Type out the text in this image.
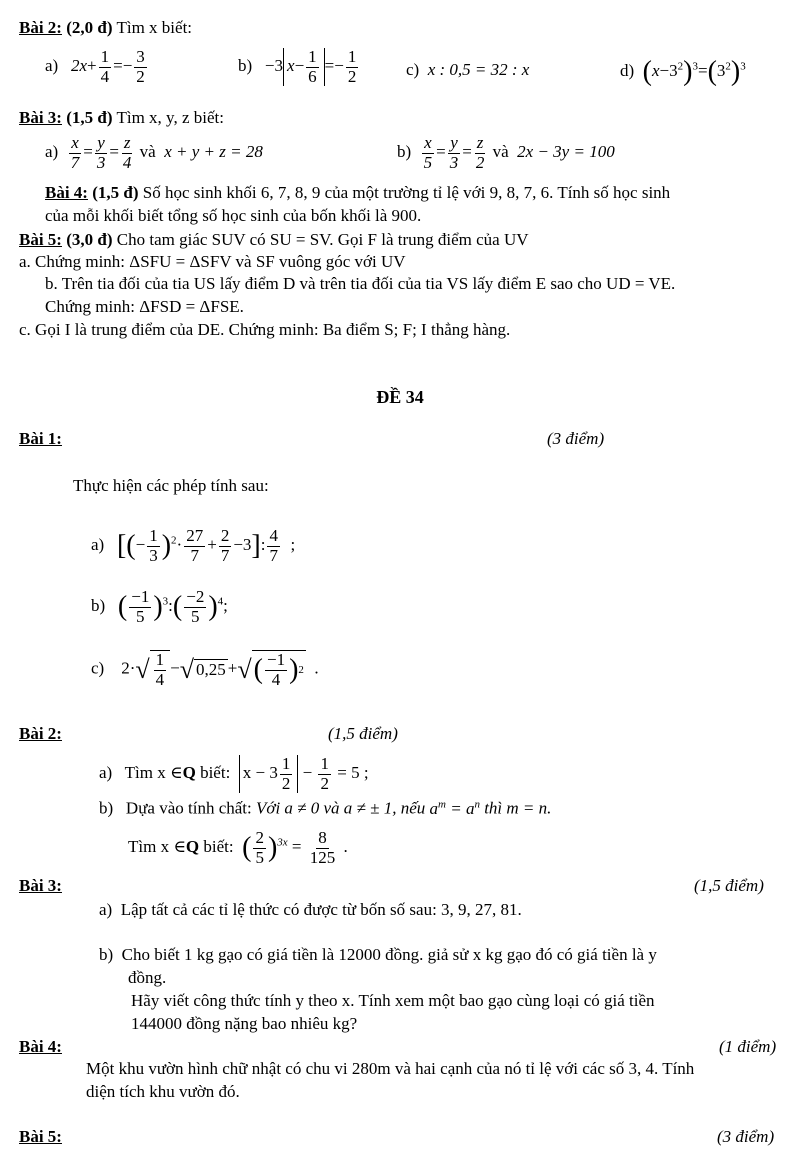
Bài 2: (2,0 đ) Tìm x biết:
a) $2x+ \frac{1}{4} =- \frac{3}{2}$	b)   −3 $x- \frac{1}{6} =- \frac{1}{2}$	c) x : 0,5 = 32 : x	d) $(x-3^2)^3=(3^2)^3$
Bài 3: (1,5 đ) Tìm x, y, z biết:
$a) \frac{x}{7} = \frac{y}{3} = \frac{z}{4}$ và x + y + z = 28	$b) \frac{x}{5} = \frac{y}{3} = \frac{z}{2}$ và 2x − 3y = 100
Bài 4: (1,5 đ) Số học sinh khối 6, 7, 8, 9 của một trường tỉ lệ với 9, 8, 7, 6. Tính số học sinh
của mỗi khối biết tổng số học sinh của bốn khối là 900.
Bài 5: (3,0 đ) Cho tam giác SUV có SU = SV. Gọi F là trung điểm của UV
a. Chứng minh: ΔSFU = ΔSFV và SF vuông góc với UV
b. Trên tia đối của tia US lấy điểm D và trên tia đối của tia VS lấy điểm E sao cho UD = VE.
Chứng minh: ΔFSD = ΔFSE.
c. Gọi I là trung điểm của DE. Chứng minh: Ba điểm S; F; I thẳng hàng.
ĐỀ 34
Bài 1:	(3 điểm)
Thực hiện các phép tính sau:
a) [(− $\frac{1}{3} )^2\cdot \frac{27}{7} + \frac{2}{7} -3$]: $\frac{4}{7}$ ;
b) ( $\frac{-1}{5}$ )$^3$:( $\frac{-2}{5} )^4$;
c)    2· √ $\frac{1}{4}$ − √ 0,25 + √ ( $\frac{-1}{4}$ ) 2 .
Bài 2:	(1,5 điểm)
a) Tìm x ∈Q biết: $x - 3 \frac{1}{2} - \frac{1}{2} = 5$ ;
b) Dựa vào tính chất: Với a ≠ 0 và a ≠ ± 1, nếu $a^m = a^n$ thì m = n.
Tìm x ∈Q biết: ( $\frac{2}{5} )^{3x} = \frac{8}{125}$ .
Bài 3:	(1,5 điểm)
a) Lập tất cả các tỉ lệ thức có được từ bốn số sau: 3, 9, 27, 81.
b) Cho biết 1 kg gạo có giá tiền là 12000 đồng. giả sử x kg gạo đó có giá tiền là y
đồng.
Hãy viết công thức tính y theo x. Tính xem một bao gạo cùng loại có giá tiền
144000 đồng nặng bao nhiêu kg?
Bài 4:	(1 điểm)
Một khu vườn hình chữ nhật có chu vi 280m và hai cạnh của nó tỉ lệ với các số 3, 4. Tính
diện tích khu vườn đó.
Bài 5:	(3 điểm)
